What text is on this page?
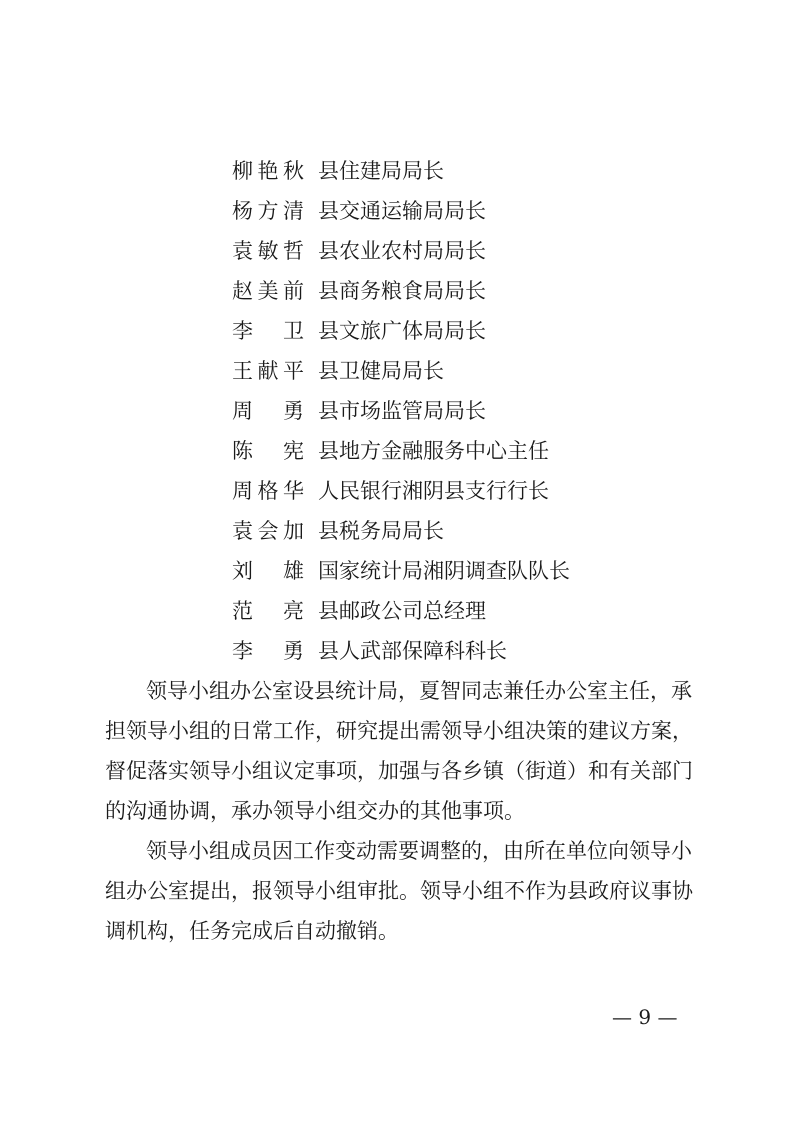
柳 艳 秋 县住建局局长
杨 方 清 县交通运输局局长
袁 敏 哲 县农业农村局局长
赵 美 前 县商务粮食局局长
李 卫 县文旅广体局局长
王 献 平 县卫健局局长
周 勇 县市场监管局局长
陈 宪 县地方金融服务中心主任
周 格 华 人民银行湘阴县支行行长
袁 会 加 县税务局局长
刘 雄 国家统计局湘阴调查队队长
范 亮 县邮政公司总经理
李 勇 县人武部保障科科长
领导小组办公室设县统计局，夏智同志兼任办公室主任，承
担领导小组的日常工作，研究提出需领导小组决策的建议方案，
督促落实领导小组议定事项，加强与各乡镇（街道）和有关部门
的沟通协调，承办领导小组交办的其他事项。
领导小组成员因工作变动需要调整的，由所在单位向领导小
组办公室提出，报领导小组审批。领导小组不作为县政府议事协
调机构，任务完成后自动撤销。
— 9 —
